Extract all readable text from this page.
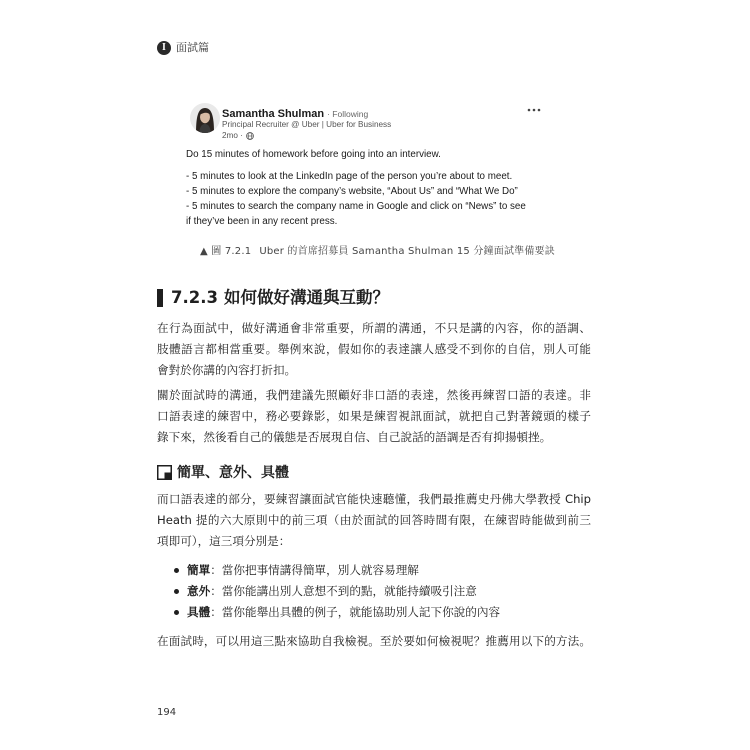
I 面試篇
Samantha Shulman · Following
Principal Recruiter @ Uber | Uber for Business
2mo ·
Do 15 minutes of homework before going into an interview.
- 5 minutes to look at the LinkedIn page of the person you’re about to meet.
- 5 minutes to explore the company’s website, “About Us” and “What We Do”
- 5 minutes to search the company name in Google and click on “News” to see
if they’ve been in any recent press.
▲ 圖 7.2.1 Uber 的首席招募員 Samantha Shulman 15 分鐘面試準備要訣
7.2.3 如何做好溝通與互動？
在行為面試中，做好溝通會非常重要，所謂的溝通，不只是講的內容，你的語調、
肢體語言都相當重要。舉例來說，假如你的表達讓人感受不到你的自信，別人可能
會對於你講的內容打折扣。
關於面試時的溝通，我們建議先照顧好非口語的表達，然後再練習口語的表達。非
口語表達的練習中，務必要錄影，如果是練習視訊面試，就把自己對著鏡頭的樣子
錄下來，然後看自己的儀態是否展現自信、自己說話的語調是否有抑揚頓挫。
簡單、意外、具體
而口語表達的部分，要練習讓面試官能快速聽懂，我們最推薦史丹佛大學教授 Chip
Heath 提的六大原則中的前三項（由於面試的回答時間有限，在練習時能做到前三
項即可），這三項分別是：
簡單：當你把事情講得簡單，別人就容易理解
意外：當你能講出別人意想不到的點，就能持續吸引注意
具體：當你能舉出具體的例子，就能協助別人記下你說的內容
在面試時，可以用這三點來協助自我檢視。至於要如何檢視呢？推薦用以下的方法。
194
